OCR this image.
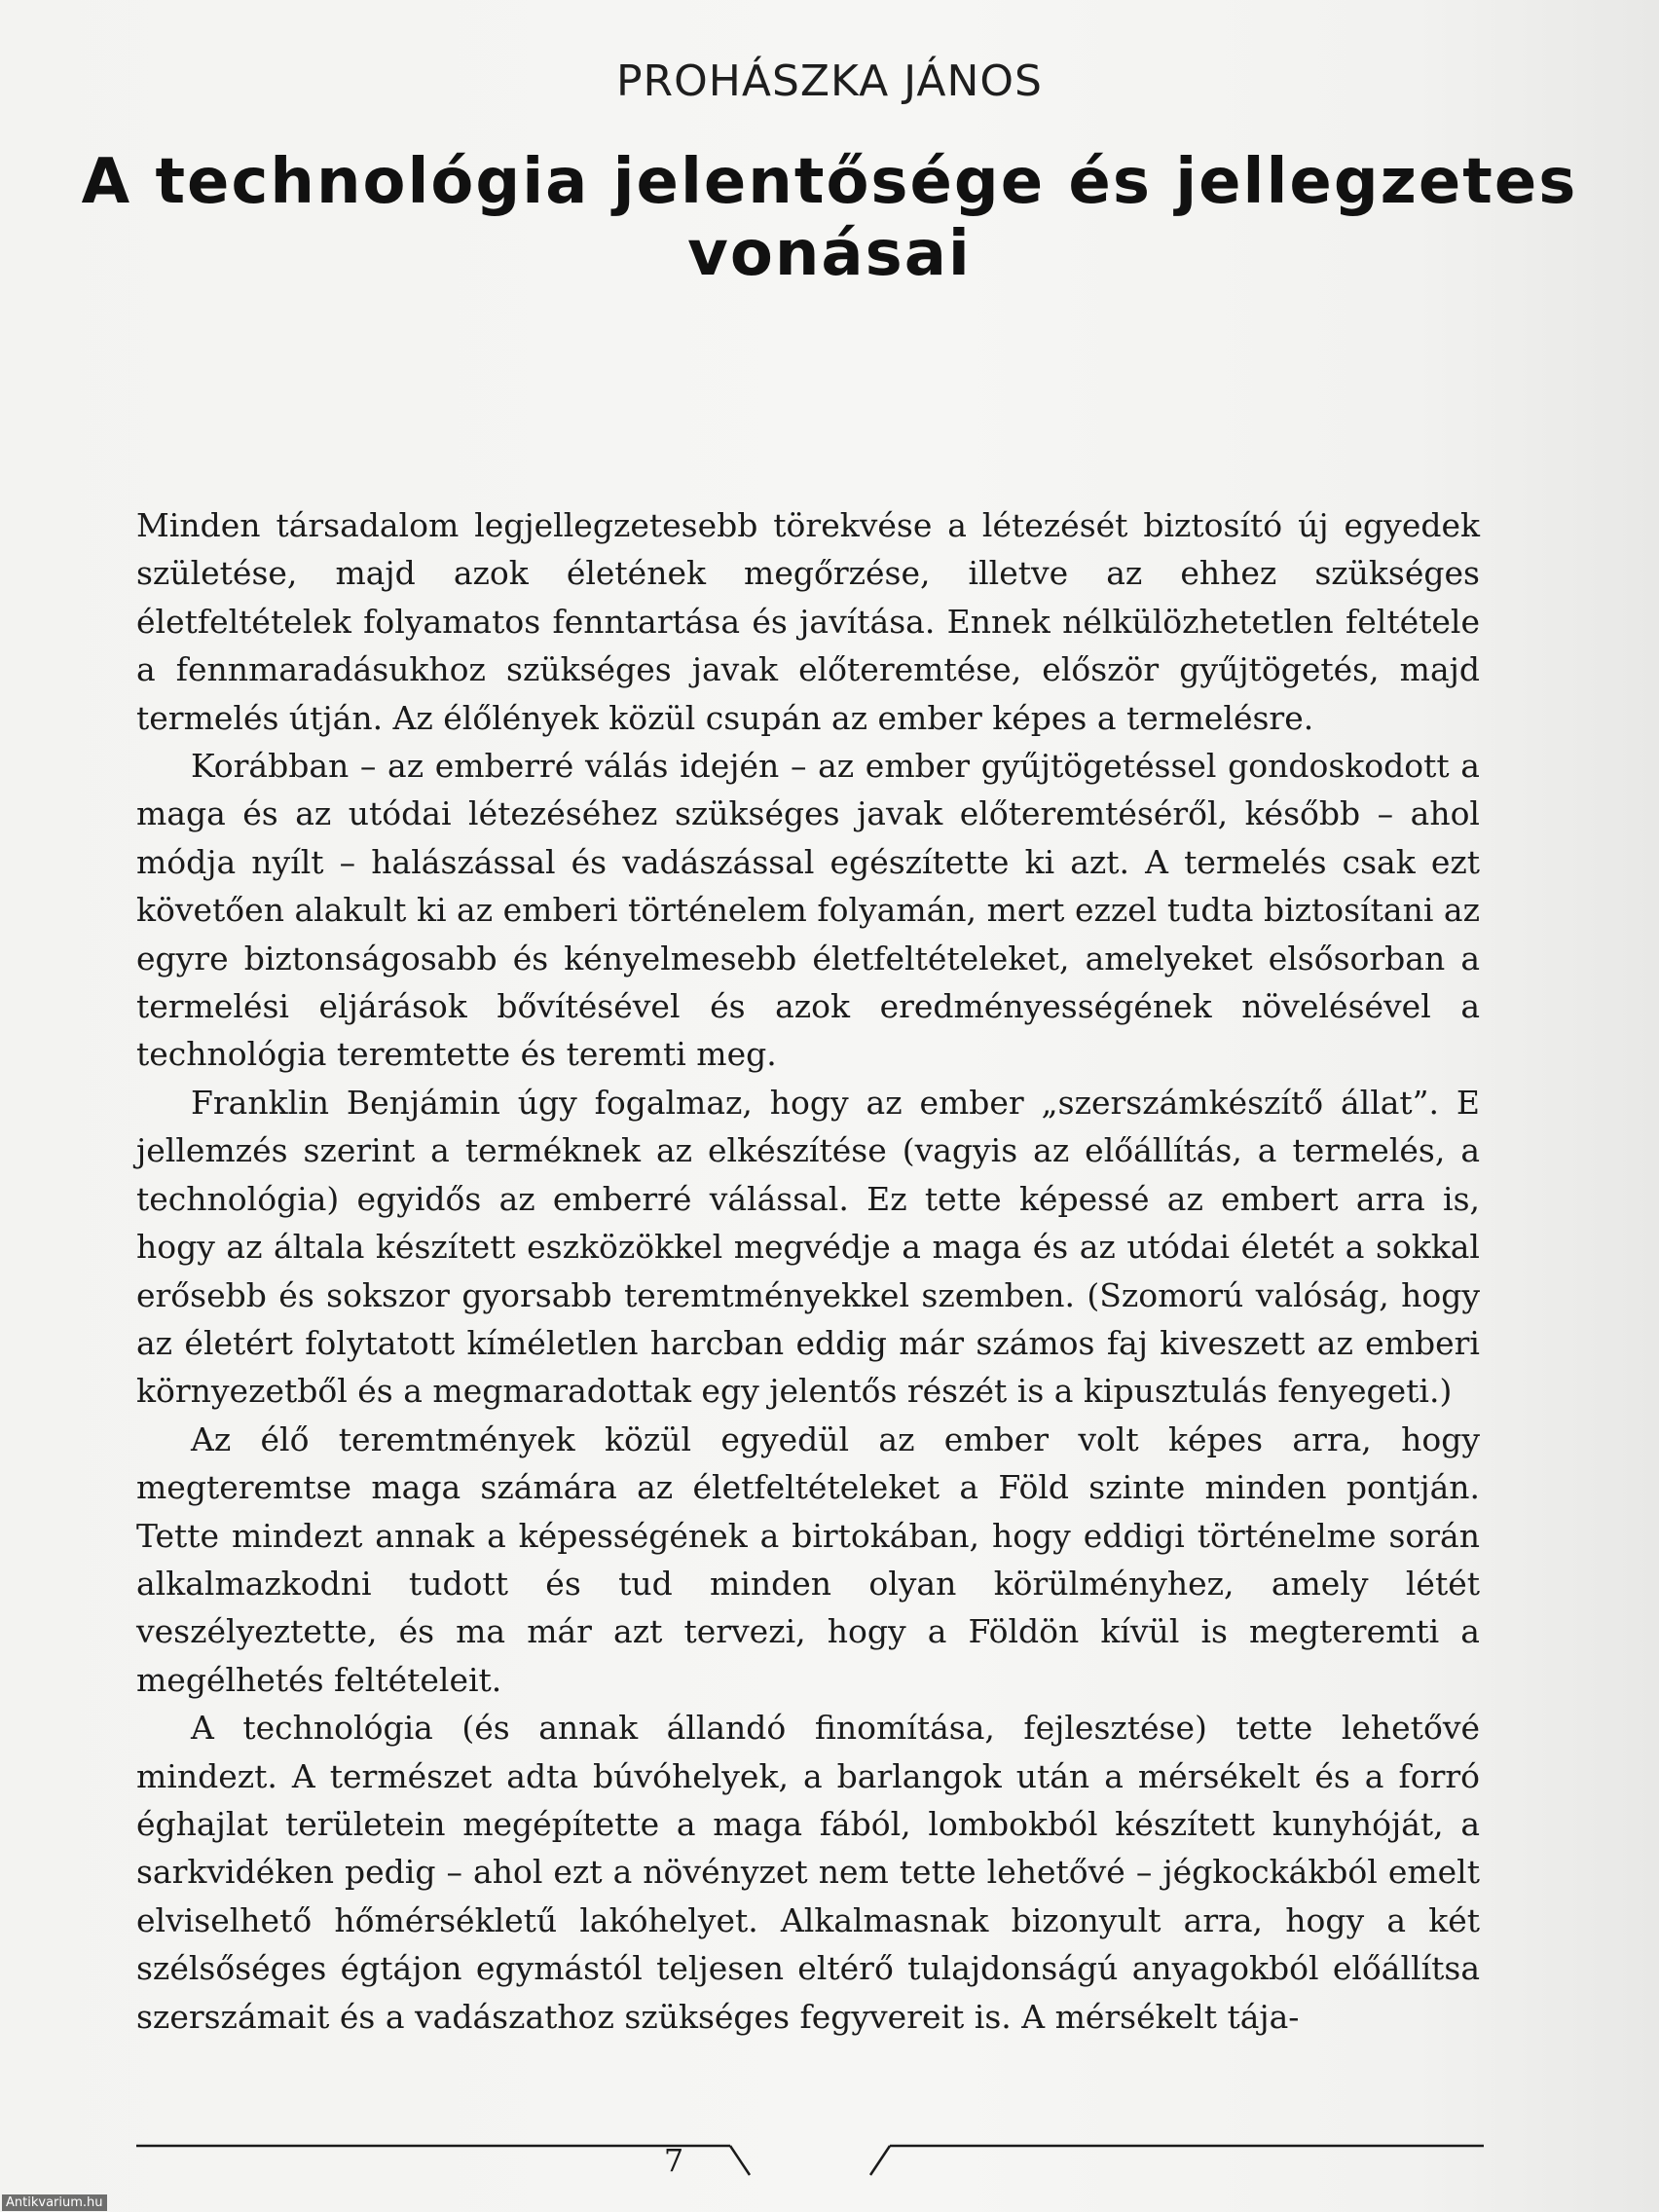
PROHÁSZKA JÁNOS
A technológia jelentősége és jellegzetes vonásai

Minden társadalom legjellegzetesebb törekvése a létezését biztosító új egyedek születése, majd azok életének megőrzése, illetve az ehhez szükséges életfeltételek folyamatos fenntartása és javítása. Ennek nélkülözhetetlen feltétele a fennmaradásukhoz szükséges javak előteremtése, először gyűjtögetés, majd termelés útján. Az élőlények közül csupán az ember képes a termelésre.

Korábban – az emberré válás idején – az ember gyűjtögetéssel gondoskodott a maga és az utódai létezéséhez szükséges javak előteremtéséről, később – ahol módja nyílt – halászással és vadászással egészítette ki azt. A termelés csak ezt követően alakult ki az emberi történelem folyamán, mert ezzel tudta biztosítani az egyre biztonságosabb és kényelmesebb életfeltételeket, amelyeket elsősorban a termelési eljárások bővítésével és azok eredményességének növelésével a technológia teremtette és teremti meg.

Franklin Benjámin úgy fogalmaz, hogy az ember „szerszámkészítő állat”. E jellemzés szerint a terméknek az elkészítése (vagyis az előállítás, a termelés, a technológia) egyidős az emberré válással. Ez tette képessé az embert arra is, hogy az általa készített eszközökkel megvédje a maga és az utódai életét a sokkal erősebb és sokszor gyorsabb teremtményekkel szemben. (Szomorú valóság, hogy az életért folytatott kíméletlen harcban eddig már számos faj kiveszett az emberi környezetből és a megmaradottak egy jelentős részét is a kipusztulás fenyegeti.)

Az élő teremtmények közül egyedül az ember volt képes arra, hogy megteremtse maga számára az életfeltételeket a Föld szinte minden pontján. Tette mindezt annak a képességének a birtokában, hogy eddigi történelme során alkalmazkodni tudott és tud minden olyan körülményhez, amely létét veszélyeztette, és ma már azt tervezi, hogy a Földön kívül is megteremti a megélhetés feltételeit.

A technológia (és annak állandó finomítása, fejlesztése) tette lehetővé mindezt. A természet adta búvóhelyek, a barlangok után a mérsékelt és a forró éghajlat területein megépítette a maga fából, lombokból készített kunyhóját, a sarkvidéken pedig – ahol ezt a növényzet nem tette lehetővé – jégkockákból emelt elviselhető hőmérsékletű lakóhelyet. Alkalmasnak bizonyult arra, hogy a két szélsőséges égtájon egymástól teljesen eltérő tulajdonságú anyagokból előállítsa szerszámait és a vadászathoz szükséges fegyvereit is. A mérsékelt tája-

7
Antikvarium.hu
